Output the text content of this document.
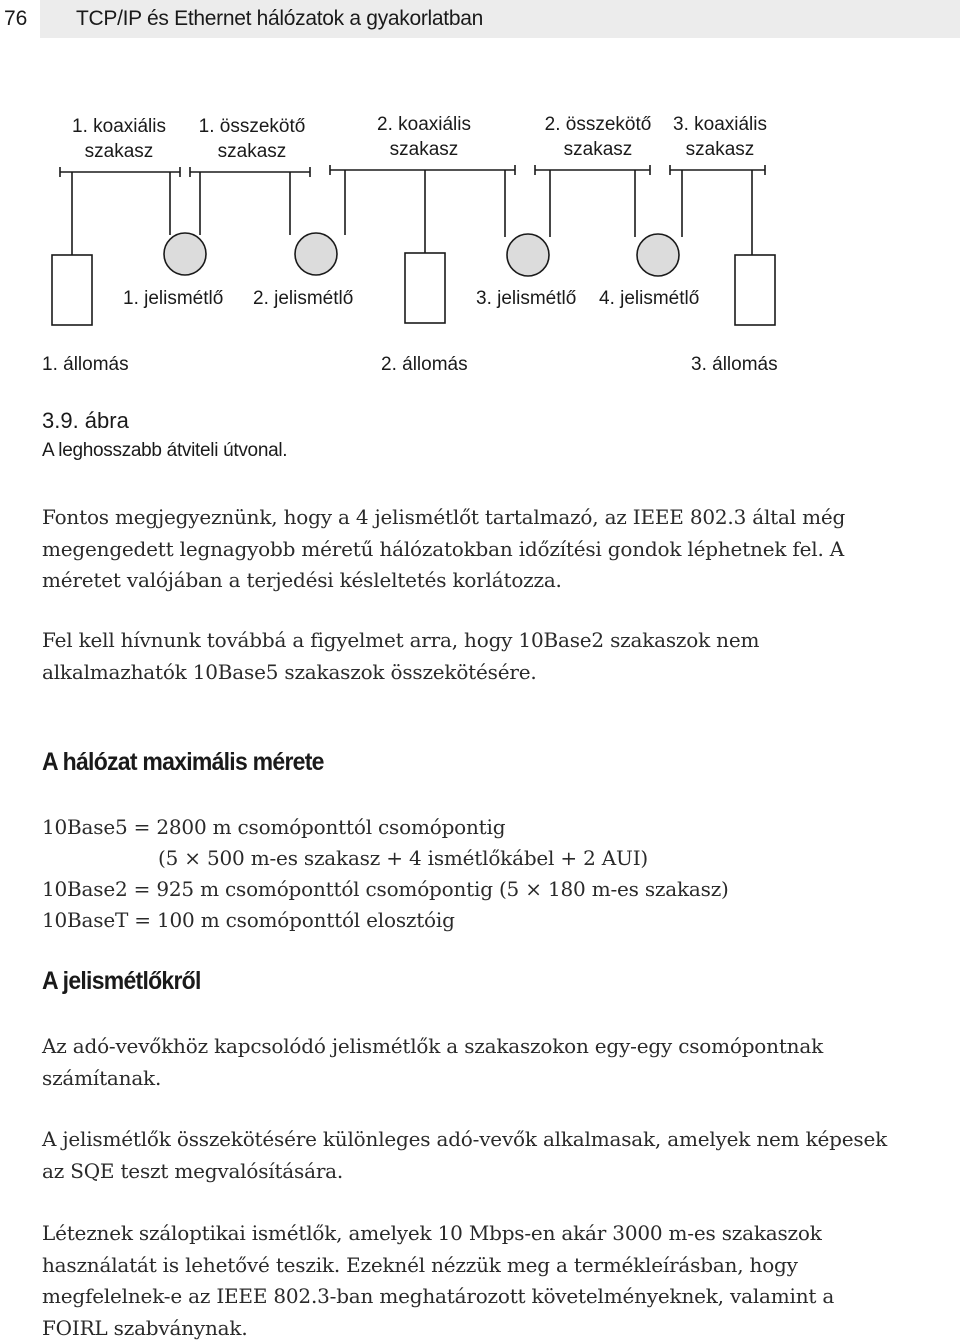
76	TCP/IP és Ethernet hálózatok a gyakorlatban
1. koaxiális
szakasz
1. összekötő
szakasz
2. koaxiális
szakasz
2. összekötő
szakasz
3. koaxiális
szakasz
1. jelismétlő 2. jelismétlő	3. jelismétlő 4. jelismétlő
1. állomás	2. állomás	3. állomás
3.9. ábra
A leghosszabb átviteli útvonal.

Fontos megjegyeznünk, hogy a 4 jelismétlőt tartalmazó, az IEEE 802.3 által még megengedett legnagyobb méretű hálózatokban időzítési gondok léphetnek fel. A méretet valójában a terjedési késleltetés korlátozza.

Fel kell hívnunk továbbá a figyelmet arra, hogy 10Base2 szakaszok nem alkalmazhatók 10Base5 szakaszok összekötésére.

A hálózat maximális mérete
10Base5 = 2800 m csomóponttól csomópontig
(5 × 500 m-es szakasz + 4 ismétlőkábel + 2 AUI)
10Base2 = 925 m csomóponttól csomópontig (5 × 180 m-es szakasz)
10BaseT = 100 m csomóponttól elosztóig
A jelismétlőkről

Az adó-vevőkhöz kapcsolódó jelismétlők a szakaszokon egy-egy csomópontnak számítanak.

A jelismétlők összekötésére különleges adó-vevők alkalmasak, amelyek nem képesek az SQE teszt megvalósítására.

Léteznek száloptikai ismétlők, amelyek 10 Mbps-en akár 3000 m-es szakaszok használatát is lehetővé teszik. Ezeknél nézzük meg a termékleírásban, hogy megfelelnek-e az IEEE 802.3-ban meghatározott követelményeknek, valamint a FOIRL szabványnak.
